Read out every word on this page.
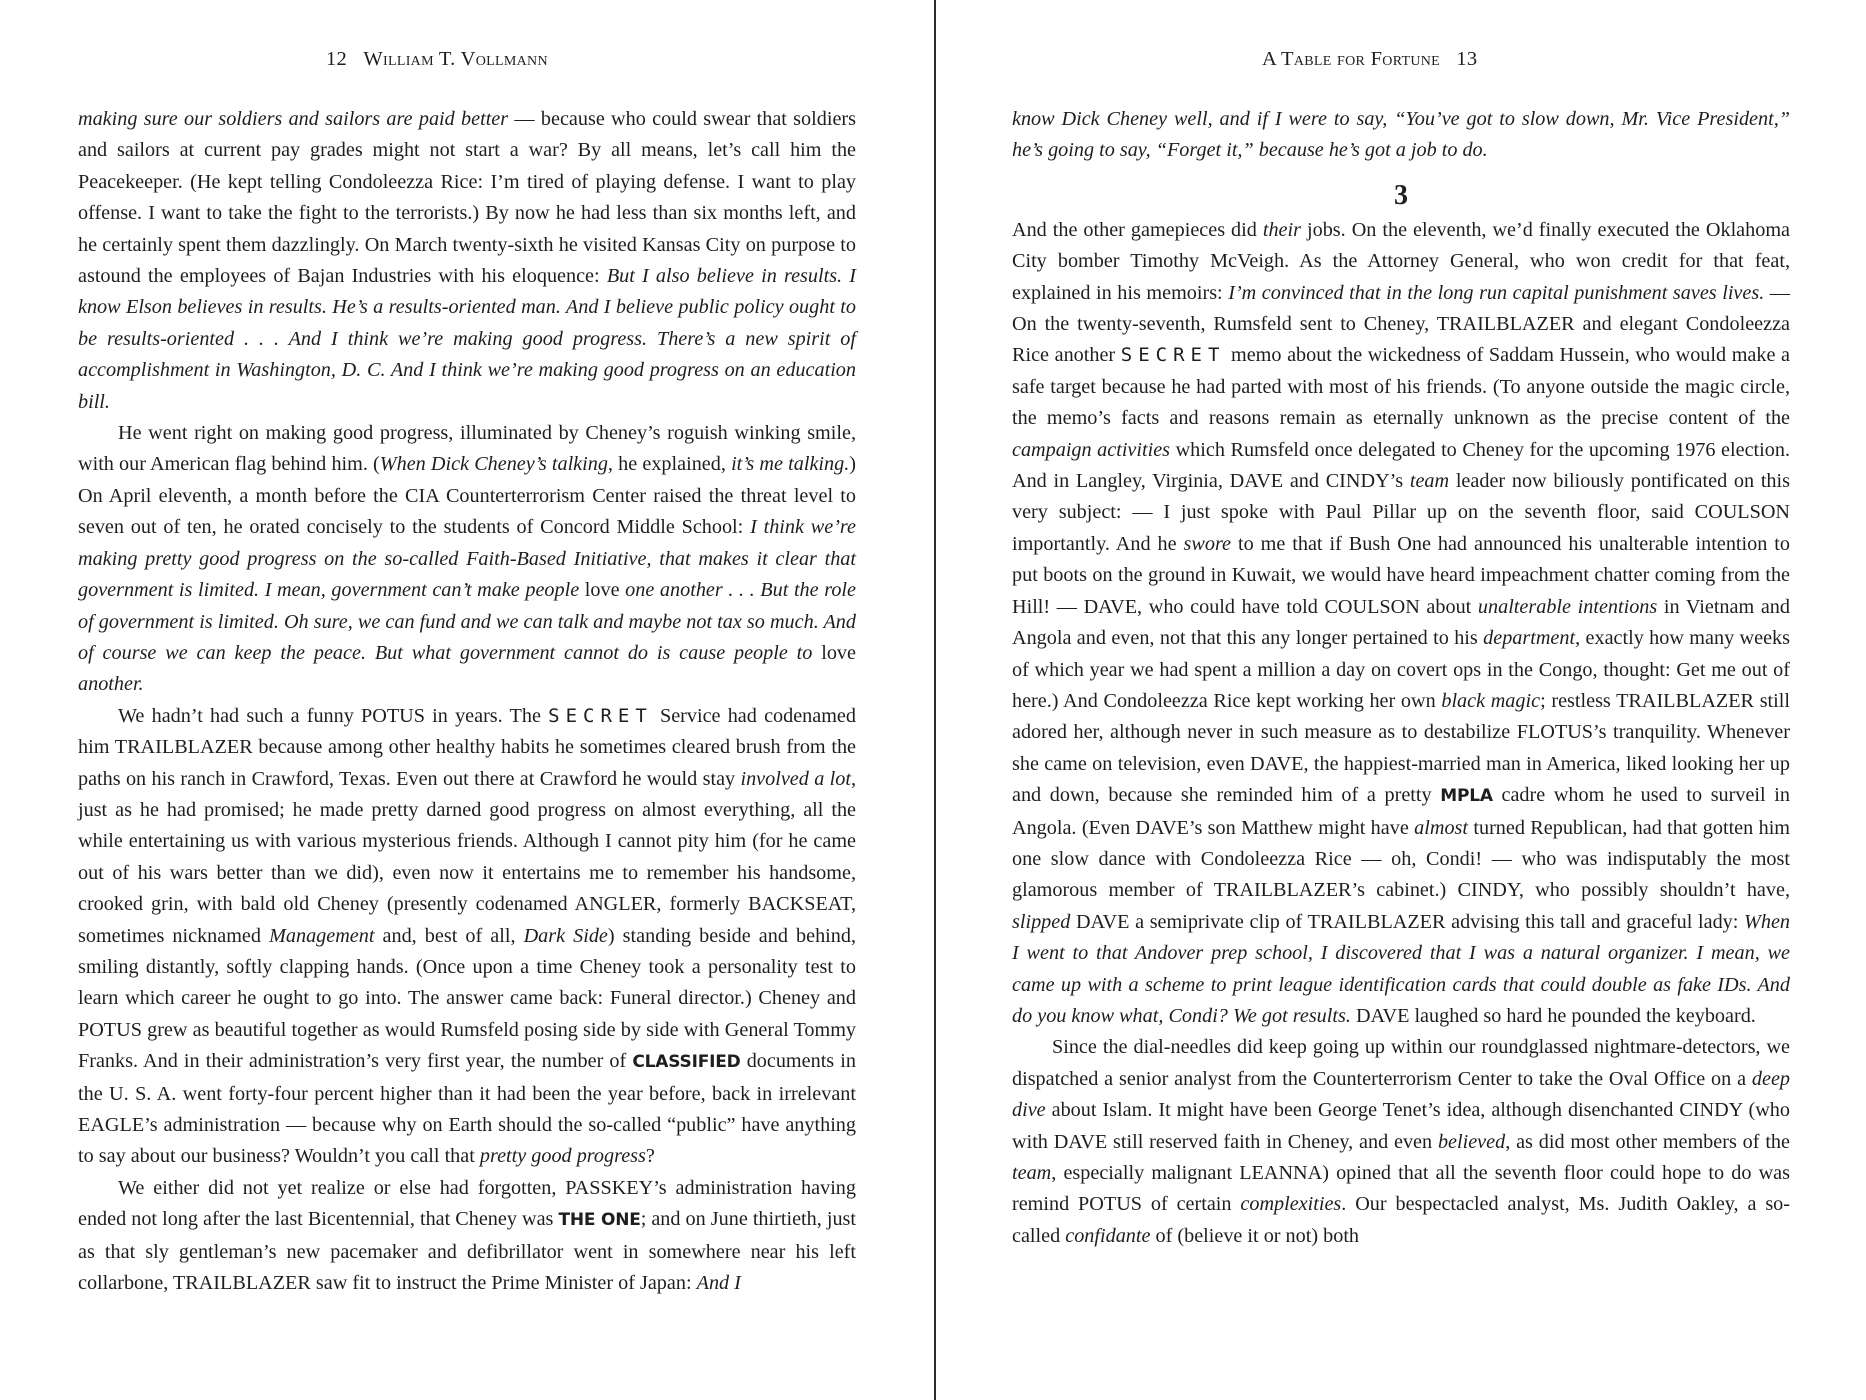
12 William T. Vollmann

making sure our soldiers and sailors are paid better — because who could swear that soldiers and sailors at current pay grades might not start a war? By all means, let’s call him the Peacekeeper. (He kept telling Condoleezza Rice: I’m tired of playing defense. I want to play offense. I want to take the fight to the terrorists.) By now he had less than six months left, and he certainly spent them dazzlingly. On March twenty-sixth he visited Kansas City on purpose to astound the employees of Bajan Industries with his eloquence: But I also believe in results. I know Elson believes in results. He’s a results-oriented man. And I believe public policy ought to be results-oriented . . . And I think we’re making good progress. There’s a new spirit of accomplishment in Washington, D. C. And I think we’re making good progress on an education bill.

He went right on making good progress, illuminated by Cheney’s roguish winking smile, with our American flag behind him. (When Dick Cheney’s talking, he explained, it’s me talking.) On April eleventh, a month before the CIA Counterterrorism Center raised the threat level to seven out of ten, he orated concisely to the students of Concord Middle School: I think we’re making pretty good progress on the so-called Faith-Based Initiative, that makes it clear that government is limited. I mean, government can’t make people love one another . . . But the role of government is limited. Oh sure, we can fund and we can talk and maybe not tax so much. And of course we can keep the peace. But what government cannot do is cause people to love another.

We hadn’t had such a funny POTUS in years. The SECRET Service had codenamed him TRAILBLAZER because among other healthy habits he sometimes cleared brush from the paths on his ranch in Crawford, Texas. Even out there at Crawford he would stay involved a lot, just as he had promised; he made pretty darned good progress on almost everything, all the while entertaining us with various mysterious friends. Although I cannot pity him (for he came out of his wars better than we did), even now it entertains me to remember his handsome, crooked grin, with bald old Cheney (presently codenamed ANGLER, formerly BACKSEAT, sometimes nicknamed Management and, best of all, Dark Side) standing beside and behind, smiling distantly, softly clapping hands. (Once upon a time Cheney took a personality test to learn which career he ought to go into. The answer came back: Funeral director.) Cheney and POTUS grew as beautiful together as would Rumsfeld posing side by side with General Tommy Franks. And in their administration’s very first year, the number of CLASSIFIED documents in the U. S. A. went forty-four percent higher than it had been the year before, back in irrelevant EAGLE’s administration — because why on Earth should the so-called “public” have anything to say about our business? Wouldn’t you call that pretty good progress?

We either did not yet realize or else had forgotten, PASSKEY’s administration having ended not long after the last Bicentennial, that Cheney was THE ONE; and on June thirtieth, just as that sly gentleman’s new pacemaker and defibrillator went in somewhere near his left collarbone, TRAILBLAZER saw fit to instruct the Prime Minister of Japan: And I

A Table for Fortune 13

know Dick Cheney well, and if I were to say, “You’ve got to slow down, Mr. Vice President,” he’s going to say, “Forget it,” because he’s got a job to do.

3

And the other gamepieces did their jobs. On the eleventh, we’d finally executed the Oklahoma City bomber Timothy McVeigh. As the Attorney General, who won credit for that feat, explained in his memoirs: I’m convinced that in the long run capital punishment saves lives. — On the twenty-seventh, Rumsfeld sent to Cheney, TRAILBLAZER and elegant Condoleezza Rice another SECRET memo about the wickedness of Saddam Hussein, who would make a safe target because he had parted with most of his friends. (To anyone outside the magic circle, the memo’s facts and reasons remain as eternally unknown as the precise content of the campaign activities which Rumsfeld once delegated to Cheney for the upcoming 1976 election. And in Langley, Virginia, DAVE and CINDY’s team leader now biliously pontificated on this very subject: — I just spoke with Paul Pillar up on the seventh floor, said COULSON importantly. And he swore to me that if Bush One had announced his unalterable intention to put boots on the ground in Kuwait, we would have heard impeachment chatter coming from the Hill! — DAVE, who could have told COULSON about unalterable intentions in Vietnam and Angola and even, not that this any longer pertained to his department, exactly how many weeks of which year we had spent a million a day on covert ops in the Congo, thought: Get me out of here.) And Condoleezza Rice kept working her own black magic; restless TRAILBLAZER still adored her, although never in such measure as to destabilize FLOTUS’s tranquility. Whenever she came on television, even DAVE, the happiest-married man in America, liked looking her up and down, because she reminded him of a pretty MPLA cadre whom he used to surveil in Angola. (Even DAVE’s son Matthew might have almost turned Republican, had that gotten him one slow dance with Condoleezza Rice — oh, Condi! — who was indisputably the most glamorous member of TRAILBLAZER’s cabinet.) CINDY, who possibly shouldn’t have, slipped DAVE a semiprivate clip of TRAILBLAZER advising this tall and graceful lady: When I went to that Andover prep school, I discovered that I was a natural organizer. I mean, we came up with a scheme to print league identification cards that could double as fake IDs. And do you know what, Condi? We got results. DAVE laughed so hard he pounded the keyboard.

Since the dial-needles did keep going up within our roundglassed nightmare-detectors, we dispatched a senior analyst from the Counterterrorism Center to take the Oval Office on a deep dive about Islam. It might have been George Tenet’s idea, although disenchanted CINDY (who with DAVE still reserved faith in Cheney, and even believed, as did most other members of the team, especially malignant LEANNA) opined that all the seventh floor could hope to do was remind POTUS of certain complexities. Our bespectacled analyst, Ms. Judith Oakley, a so-called confidante of (believe it or not) both
